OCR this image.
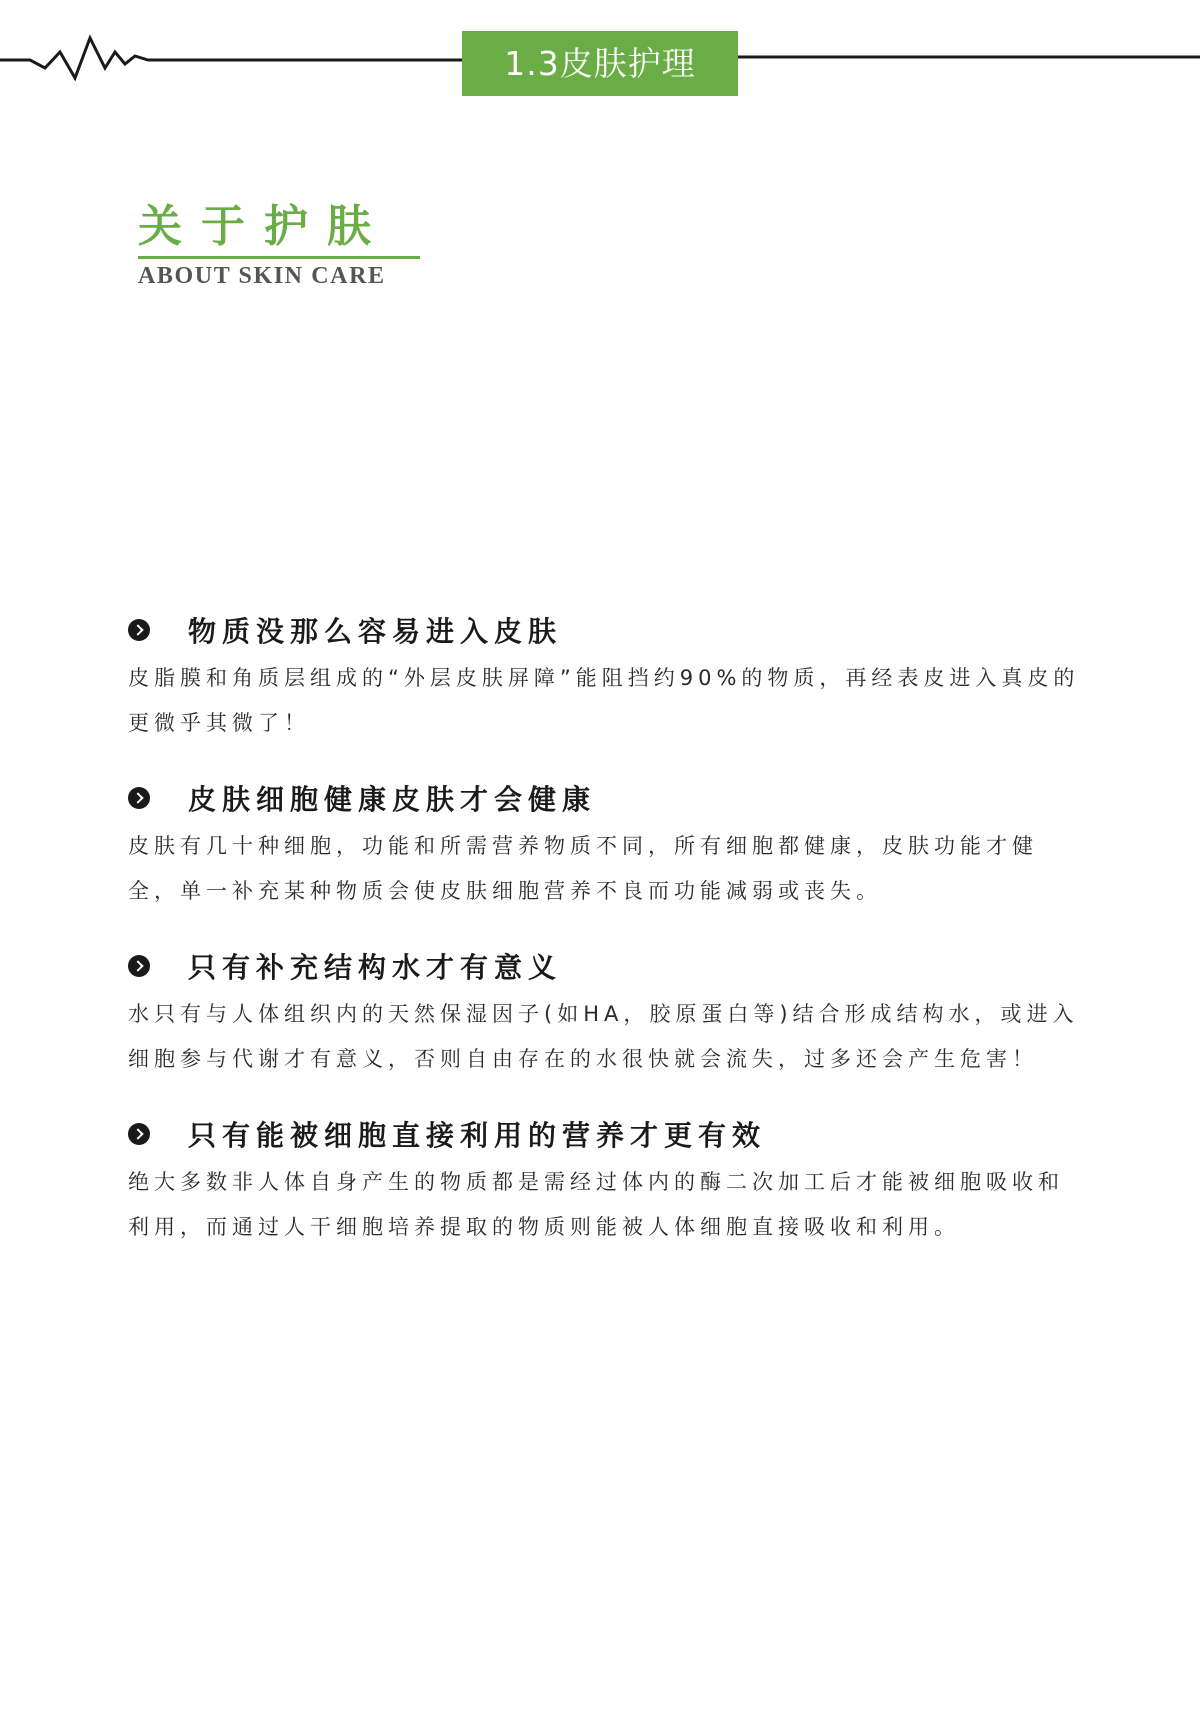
1.3皮肤护理
关于护肤
ABOUT SKIN CARE
物质没那么容易进入皮肤
皮脂膜和角质层组成的“外层皮肤屏障”能阻挡约90%的物质，再经表皮进入真皮的更微乎其微了！
皮肤细胞健康皮肤才会健康
皮肤有几十种细胞，功能和所需营养物质不同，所有细胞都健康，皮肤功能才健全，单一补充某种物质会使皮肤细胞营养不良而功能减弱或丧失。
只有补充结构水才有意义
水只有与人体组织内的天然保湿因子(如HA，胶原蛋白等)结合形成结构水，或进入细胞参与代谢才有意义，否则自由存在的水很快就会流失，过多还会产生危害！
只有能被细胞直接利用的营养才更有效
绝大多数非人体自身产生的物质都是需经过体内的酶二次加工后才能被细胞吸收和利用，而通过人干细胞培养提取的物质则能被人体细胞直接吸收和利用。
